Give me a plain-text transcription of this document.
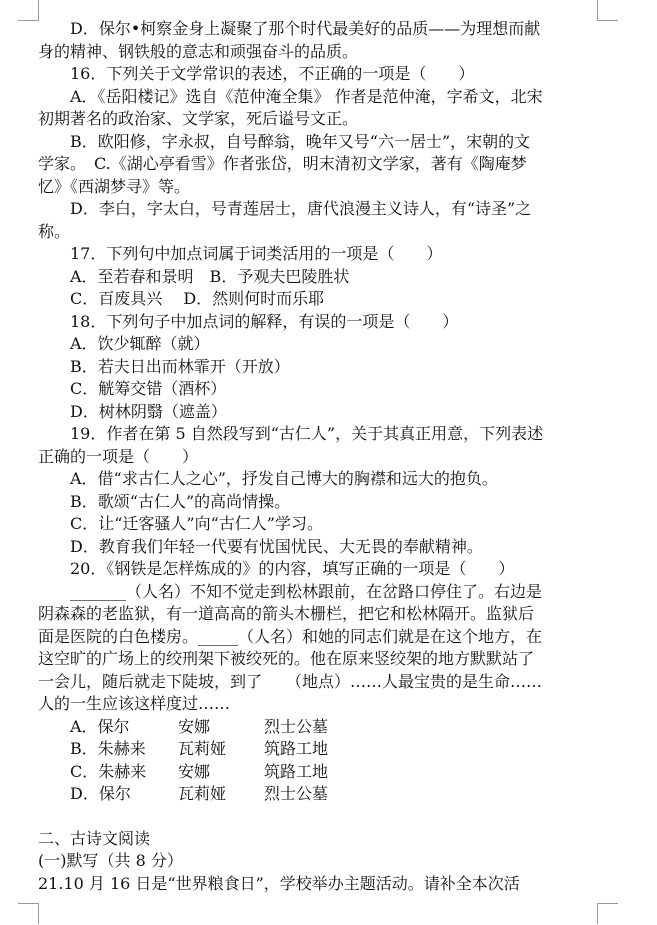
D．保尔•柯察金身上凝聚了那个时代最美好的品质——为理想而献
身的精神、钢铁般的意志和顽强奋斗的品质。
16．下列关于文学常识的表述，不正确的一项是（　　）
A．《岳阳楼记》选自《范仲淹全集》 作者是范仲淹，字希文，北宋
初期著名的政治家、文学家，死后谥号文正。
B．欧阳修，字永叔，自号醉翁，晚年又号“六一居士”，宋朝的文
学家。　C.《湖心亭看雪》作者张岱，明末清初文学家，著有《陶庵梦
忆》《西湖梦寻》等。
D．李白，字太白，号青莲居士，唐代浪漫主义诗人，有“诗圣”之
称。
17．下列句中加点词属于词类活用的一项是（　　）
A．至若春和景明　B．予观夫巴陵胜状
C．百废具兴　 D．然则何时而乐耶
18．下列句子中加点词的解释，有误的一项是（　　）
A．饮少辄醉（就）
B．若夫日出而林霏开（开放）
C．觥筹交错（酒杯）
D．树林阴翳（遮盖）
19．作者在第 5 自然段写到“古仁人”，关于其真正用意，下列表述
正确的一项是（　　）
A．借“求古仁人之心”，抒发自己博大的胸襟和远大的抱负。
B．歌颂“古仁人”的高尚情操。
C．让“迁客骚人”向“古仁人”学习。
D．教育我们年轻一代要有忧国忧民、大无畏的奉献精神。
20．《钢铁是怎样炼成的》的内容，填写正确的一项是（　　）
_______（人名）不知不觉走到松林跟前，在岔路口停住了。右边是
阴森森的老监狱，有一道高高的箭头木栅栏，把它和松林隔开。监狱后
面是医院的白色楼房。_____（人名）和她的同志们就是在这个地方，在
这空旷的广场上的绞刑架下被绞死的。他在原来竖绞架的地方默默站了
一会儿，随后就走下陡坡，到了　　（地点）……人最宝贵的是生命……
人的一生应该这样度过……
A．保尔	安娜	烈士公墓
B．朱赫来 瓦莉娅 筑路工地
C．朱赫来 安娜	筑路工地
D．保尔	瓦莉娅 烈士公墓
二、古诗文阅读
(一)默写（共 8 分）
21.10 月 16 日是“世界粮食日”，学校举办主题活动。请补全本次活
